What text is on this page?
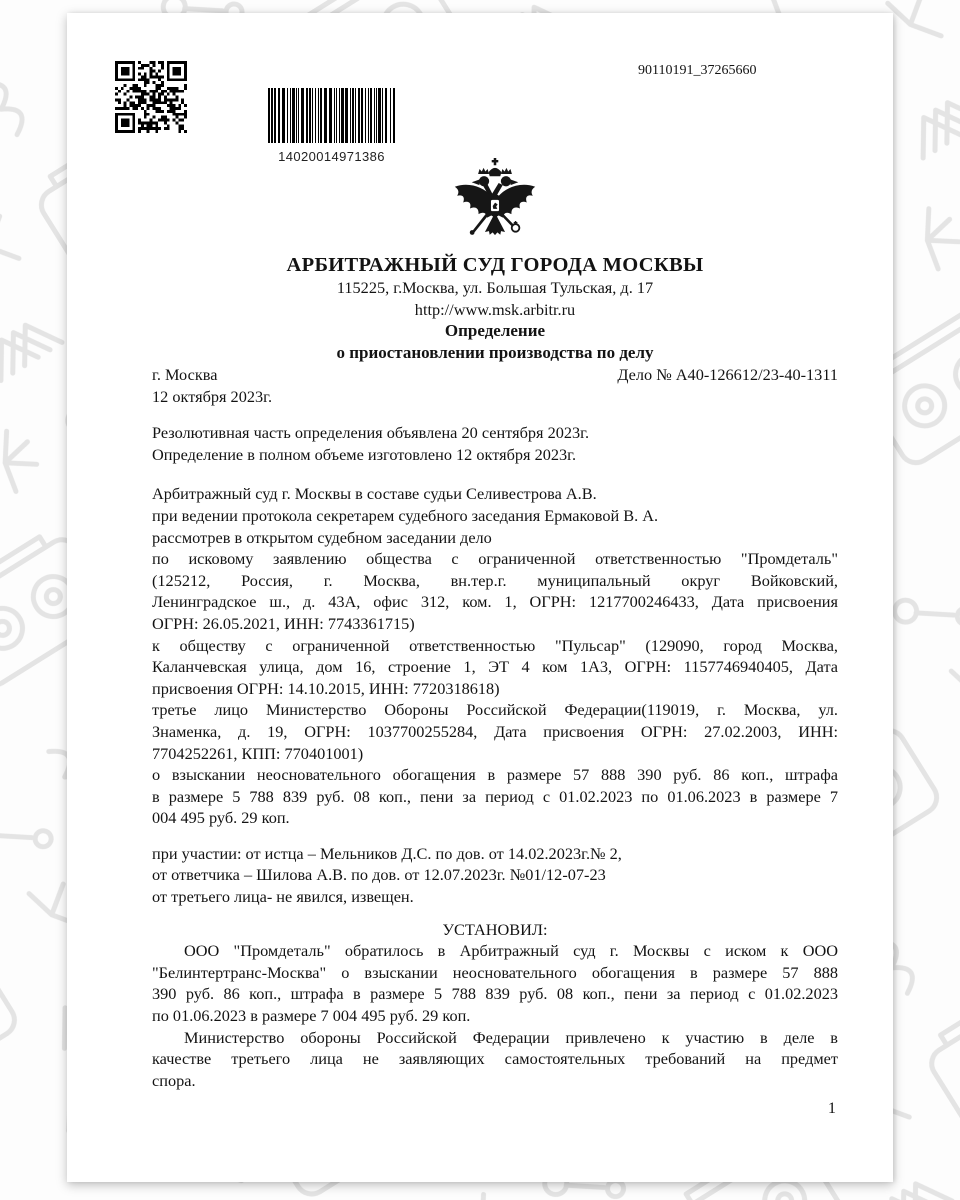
14020014971386
90110191_37265660
АРБИТРАЖНЫЙ СУД ГОРОДА МОСКВЫ
115225, г.Москва, ул. Большая Тульская, д. 17
http://www.msk.arbitr.ru
Определение
о приостановлении производства по делу
г. Москва	Дело № А40-126612/23-40-1311
12 октября 2023г.
Резолютивная часть определения объявлена 20 сентября 2023г.
Определение в полном объеме изготовлено 12 октября 2023г.
Арбитражный суд г. Москвы в составе судьи Селивестрова А.В.
при ведении протокола секретарем судебного заседания Ермаковой В. А.
рассмотрев в открытом судебном заседании дело
по исковому заявлению общества с ограниченной ответственностью "Промдеталь"
(125212, Россия, г. Москва, вн.тер.г. муниципальный округ Войковский,
Ленинградское ш., д. 43А, офис 312, ком. 1, ОГРН: 1217700246433, Дата присвоения
ОГРН: 26.05.2021, ИНН: 7743361715)
к обществу с ограниченной ответственностью "Пульсар" (129090, город Москва,
Каланчевская улица, дом 16, строение 1, ЭТ 4 ком 1А3, ОГРН: 1157746940405, Дата
присвоения ОГРН: 14.10.2015, ИНН: 7720318618)
третье лицо Министерство Обороны Российской Федерации(119019, г. Москва, ул.
Знаменка, д. 19, ОГРН: 1037700255284, Дата присвоения ОГРН: 27.02.2003, ИНН:
7704252261, КПП: 770401001)
о взыскании неосновательного обогащения в размере 57 888 390 руб. 86 коп., штрафа
в размере 5 788 839 руб. 08 коп., пени за период с 01.02.2023 по 01.06.2023 в размере 7
004 495 руб. 29 коп.
при участии: от истца – Мельников Д.С. по дов. от 14.02.2023г.№ 2,
от ответчика – Шилова А.В. по дов. от 12.07.2023г. №01/12-07-23
от третьего лица- не явился, извещен.
УСТАНОВИЛ:
ООО "Промдеталь" обратилось в Арбитражный суд г. Москвы с иском к ООО
"Белинтертранс-Москва" о взыскании неосновательного обогащения в размере 57 888
390 руб. 86 коп., штрафа в размере 5 788 839 руб. 08 коп., пени за период с 01.02.2023
по 01.06.2023 в размере 7 004 495 руб. 29 коп.
Министерство обороны Российской Федерации привлечено к участию в деле в
качестве третьего лица не заявляющих самостоятельных требований на предмет
спора.
1
